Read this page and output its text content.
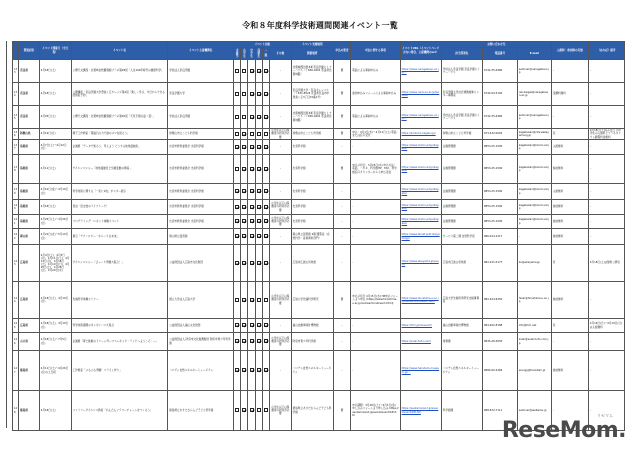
令和８年度科学技術週間関連イベント一覧
	都道府県	イベント開催日（全日程）	イベント名	イベント主催機関名	イベント対象						イベント実施場所	申込の要否	申込に関する事項	イベントURL（イベントページがない場合、主催機関のurl）	お問い合わせ先			入館料・参加料の有無	（あれば）備考
					未就学	小学生	中学生	高校生	一般	その他	開催場所				担当部署名	電話番号	E-mail		
133	奈良県	4月18日(土)	公開天文講座・北葛城自然観察館プラネ第28回「人生100年時代の健康科学」	学校法人奈良学園						-	北葛城郡田原本町奈良学園セミナーハウス（〒636-0201 奈良県北葛城郡）	要	電話による事前申込み	https://www.naragakuen.ac.jp/...	学校法人奈良学園 奈良学園セミナーハウス	0742-35-6480	seminar@naragakuen.jp	-	-
134	奈良県	4月18日(土)	公開講座・奈良学園大学登美ヶ丘カレッジ第2回「楽しく学び、今日からできる認知症予防」	奈良学園大学						-	奈良学園大学・奈良キャンパス（〒631-8524 奈良県奈良市中登美ヶ丘3丁目15番1号）	要	参加申込みフォームによる事前申込み	https://www.nara-su.ac.jp/lecture/	奈良学園大学社会連携推進センター事務室	0742-93-5100	nar-kaigai@naragakuen.ac.jp	受講料無料	-
135	奈良県	4月25日(土)	公開天文講座・北葛城自然観察館プラネ第30回「天気予報の話（仮）」	学校法人奈良学園						-	北葛城郡田原本町奈良学園セミナーハウス（〒636-0201 奈良県北葛城郡）	要	電話による事前申込み	https://www.naragakuen.ac.jp/...	学校法人奈良学園 奈良学園セミナーハウス	0742-35-6480	seminar@naragakuen.jp	-	-
136	和歌山県	4月19日(日)	親子工作教室「電磁石の力で鉄のゴマを回そう」	和歌山市立こども科学館						小学生以下は保護者の同伴が必要	和歌山市立こども科学館	要	申込：4月1日(水)〜4月11日(土) 電話または窓口受付	https://kodomo-kagaku.jp/	和歌山市立こども科学館	073-432-0002	kagakukan@city.wakayama.lg.jp	有	4月18日(土)のみ当日 小中学生の入館料とプラネタリウム観覧料金無料
137	島根県	4月7日(土)〜4月12日(日)	企画展「データで知ろう、考えよう どうする地球温暖化」	出雲市教育委員会 出雲科学館						-	出雲科学館	-	-	https://www.izumo.ed.jp/kagaku/	企画管理課	0853-25-1500	kagakukan@izumo.ed.jp	入館無料	-
138	島根県	4月11日(土)	サイエンスショー「地球温暖化と気候変動の関係」	出雲市教育委員会 出雲科学館						-	出雲科学館	要	申込〆切日：3月25日(水) 申込方法：電話、ハガキ、科学館HP、FAX、科学館窓口カウンターからも申込可能	https://www.izumo.ed.jp/kagaku/	企画管理課	0853-25-1500	kagakukan@izumo.ed.jp	参加無料	-
139	島根県	4月10日(金)〜4月19日(日)	科学技術に関する「一家に1枚」ポスター展示	出雲市教育委員会 出雲科学館						-	出雲科学館	-	-	https://www.izumo.ed.jp/kagaku/	企画管理課	0853-25-1500	kagakukan@izumo.ed.jp	入館無料	-
140	島根県	4月18日(土)	昆虫・昆虫食のライブトーク！	出雲市教育委員会 出雲科学館						小学生以下は保護者の同伴が必要	出雲科学館	-	-	https://www.izumo.ed.jp/kagaku/	企画管理課	0853-25-1500	kagakukan@izumo.ed.jp	参加無料	-
141	島根県	4月25日(土)〜4月26日(日)	プログラミング・ロボット体験イベント	出雲市教育委員会 出雲科学館						小学生以下は保護者の同伴が必要	出雲科学館	-	-	https://www.izumo.ed.jp/kagaku/	企画管理課	0853-25-1500	kagakukan@izumo.ed.jp	参加無料	-
142	岡山県	4月21日(火)〜5月10日(日)	展示「テクノロジー・からくり＆未来」	岡山県立図書館						-	岡山県立図書館 2階 閲覧室（自然科学・産業資料部門）	-	-	https://www.libnet.pref.okayama.jp/	サービス第二課 自然科学班	086-224-1217	-	参加無料	-
143	広島県	4月4日(土)、4月5日(日)、4月11日(土)、4月12日(日)、4月18日(土)、4月19日(日)、4月25日(土)、4月26日(日)、4月29日(水)	サイエンスショー「びっくり実験大集合！」	公益財団法人広島市文化財団						-	広島市江波山気象館	-	-	https://www.ebayama.jp/event/	広島市江波山気象館	082-231-0177	ku@ebayama.jp	有	4月18日(土)は無料公開日
144	広島県	4月18日(土)、4月19日(日)	先端科学体験セミナー	国立大学法人広島大学						小学生以下は保護者の同伴が必要	広島大学先端科学研究	要	申込〆切日 4月15日(水) HP申込フォームより申込 (https://www.hiroshima-u.ac.jp/outreach/outreach.html)	https://www.hiroshima-u.ac.jp/outreach/outreach.html	広島大学先端科学研究支援事務室	082-424-6250	hisar@hiroshima-u.ac.jp	参加無料	-
145	広島県	4月18日(土)、4月19日(日)	科学技術週間のポンポンバス大集合	公益財団法人福山文化財団						-	福山自動車時計博物館	-	-	https://fcm.jp/museum/	福山自動車時計博物館	084-922-8188	info@fcm.net	有	4月19日(日)〜4月19日(日)は入館無料
146	山口県	4月18日(土)〜7月5日(日)	企画展「夢と挑戦のドリーム号―マスレキック・ランドへようこそ！―」	公益財団法人 防府市文化振興財団 防府市青少年科学館						小学生以下は保護者の同伴が必要	防府市青少年科学館	-	-	https://solar.hofu.com/	業務課	0835-26-5050	solar@solar.hofu.com.jp	-	-
147	徳島県	4月11日(土)〜4月26日(日)の土日祝	工作教室「ぷるぷる実験！スライム作り」	ハロデム自然エネルギーミュージアム						-	ハロデム自然エネルギーミュージアム	-	-	https://www.harodem-museum.jp/...	ハロデム自然エネルギーミュージアム	0884-92-2266	energy@harodem.jp	参加無料	-
148	徳島県	4月18日(土)	ファミリーサイエンス教室「かんたんフラワーチャームをつくろう」	徳島県立あすたむらんど子ども科学館						小学生以下は保護者の同伴が必要	徳島県立あすたむらんど子ども科学館	要	申込期間：3月28日(土)〜4月3日(金) 申し込みフォームより申し込み https://asutamuland.jp/event/event/18136/	https://asutamuland.jp/event/event/18136/	科学館課	088-672-7111	seminar@asutamu.jp	-	-
リセマム
ReseMom.
